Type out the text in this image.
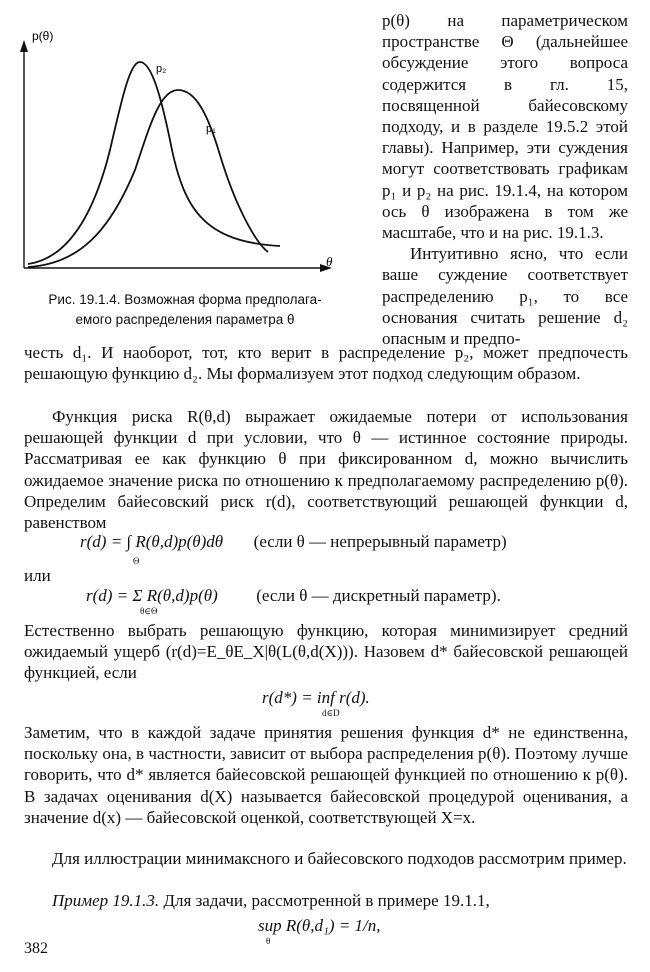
p(θ)
θ
p₂
p₁
Рис. 19.1.4. Возможная форма предполага-
емого распределения параметра θ

p(θ) на параметрическом пространстве Θ (дальнейшее обсуждение этого вопроса содержится в гл. 15, посвященной байесовскому подходу, и в разделе 19.5.2 этой главы). Например, эти суждения могут соответствовать графикам p₁ и p₂ на рис. 19.1.4, на котором ось θ изображена в том же масштабе, что и на рис. 19.1.3.

Интуитивно ясно, что если ваше суждение соответствует распределению p₁, то все основания считать решение d₂ опасным и предпо-

честь d₁. И наоборот, тот, кто верит в распределение p₂, может предпочесть решающую функцию d₂. Мы формализуем этот подход следующим образом.

Функция риска R(θ,d) выражает ожидаемые потери от использования решающей функции d при условии, что θ — истинное состояние природы. Рассматривая ее как функцию θ при фиксированном d, можно вычислить ожидаемое значение риска по отношению к предполагаемому распределению p(θ). Определим байесовский риск r(d), соответствующий решающей функции d, равенством

r(d) = ∫ R(θ,d)p(θ)dθ (если θ — непрерывный параметр)
Θ
или
r(d) = Σ R(θ,d)p(θ) (если θ — дискретный параметр).
θ∈Θ

Естественно выбрать решающую функцию, которая минимизирует средний ожидаемый ущерб (r(d)=E_θE_X|θ(L(θ,d(X))). Назовем d* байесовской решающей функцией, если

r(d*) = inf r(d).
d∈D

Заметим, что в каждой задаче принятия решения функция d* не единственна, поскольку она, в частности, зависит от выбора распределения p(θ). Поэтому лучше говорить, что d* является байесовской решающей функцией по отношению к p(θ). В задачах оценивания d(X) называется байесовской процедурой оценивания, а значение d(x) — байесовской оценкой, соответствующей X=x.

Для иллюстрации минимаксного и байесовского подходов рассмотрим пример.

Пример 19.1.3. Для задачи, рассмотренной в примере 19.1.1,

sup R(θ,d₁) = 1/n,
θ
382
